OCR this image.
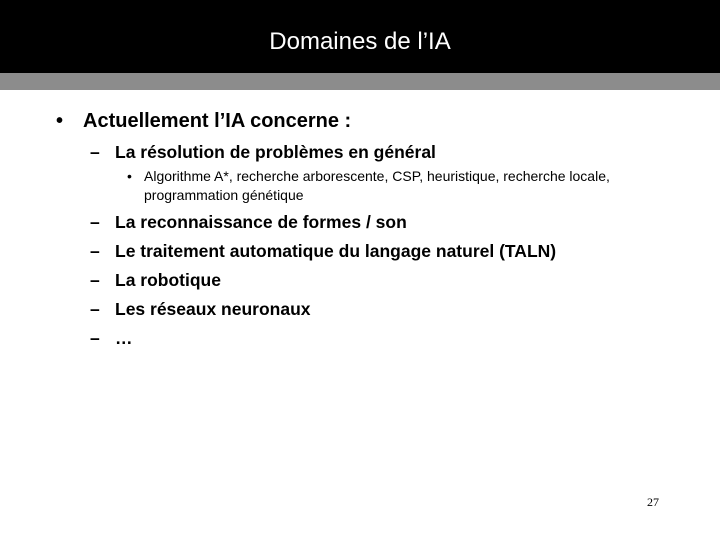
Domaines de l’IA
• Actuellement l’IA concerne :
– La résolution de problèmes en général
• Algorithme A*, recherche arborescente, CSP, heuristique, recherche locale, programmation génétique
– La reconnaissance de formes / son
– Le traitement automatique du langage naturel (TALN)
– La robotique
– Les réseaux neuronaux
– …
27
